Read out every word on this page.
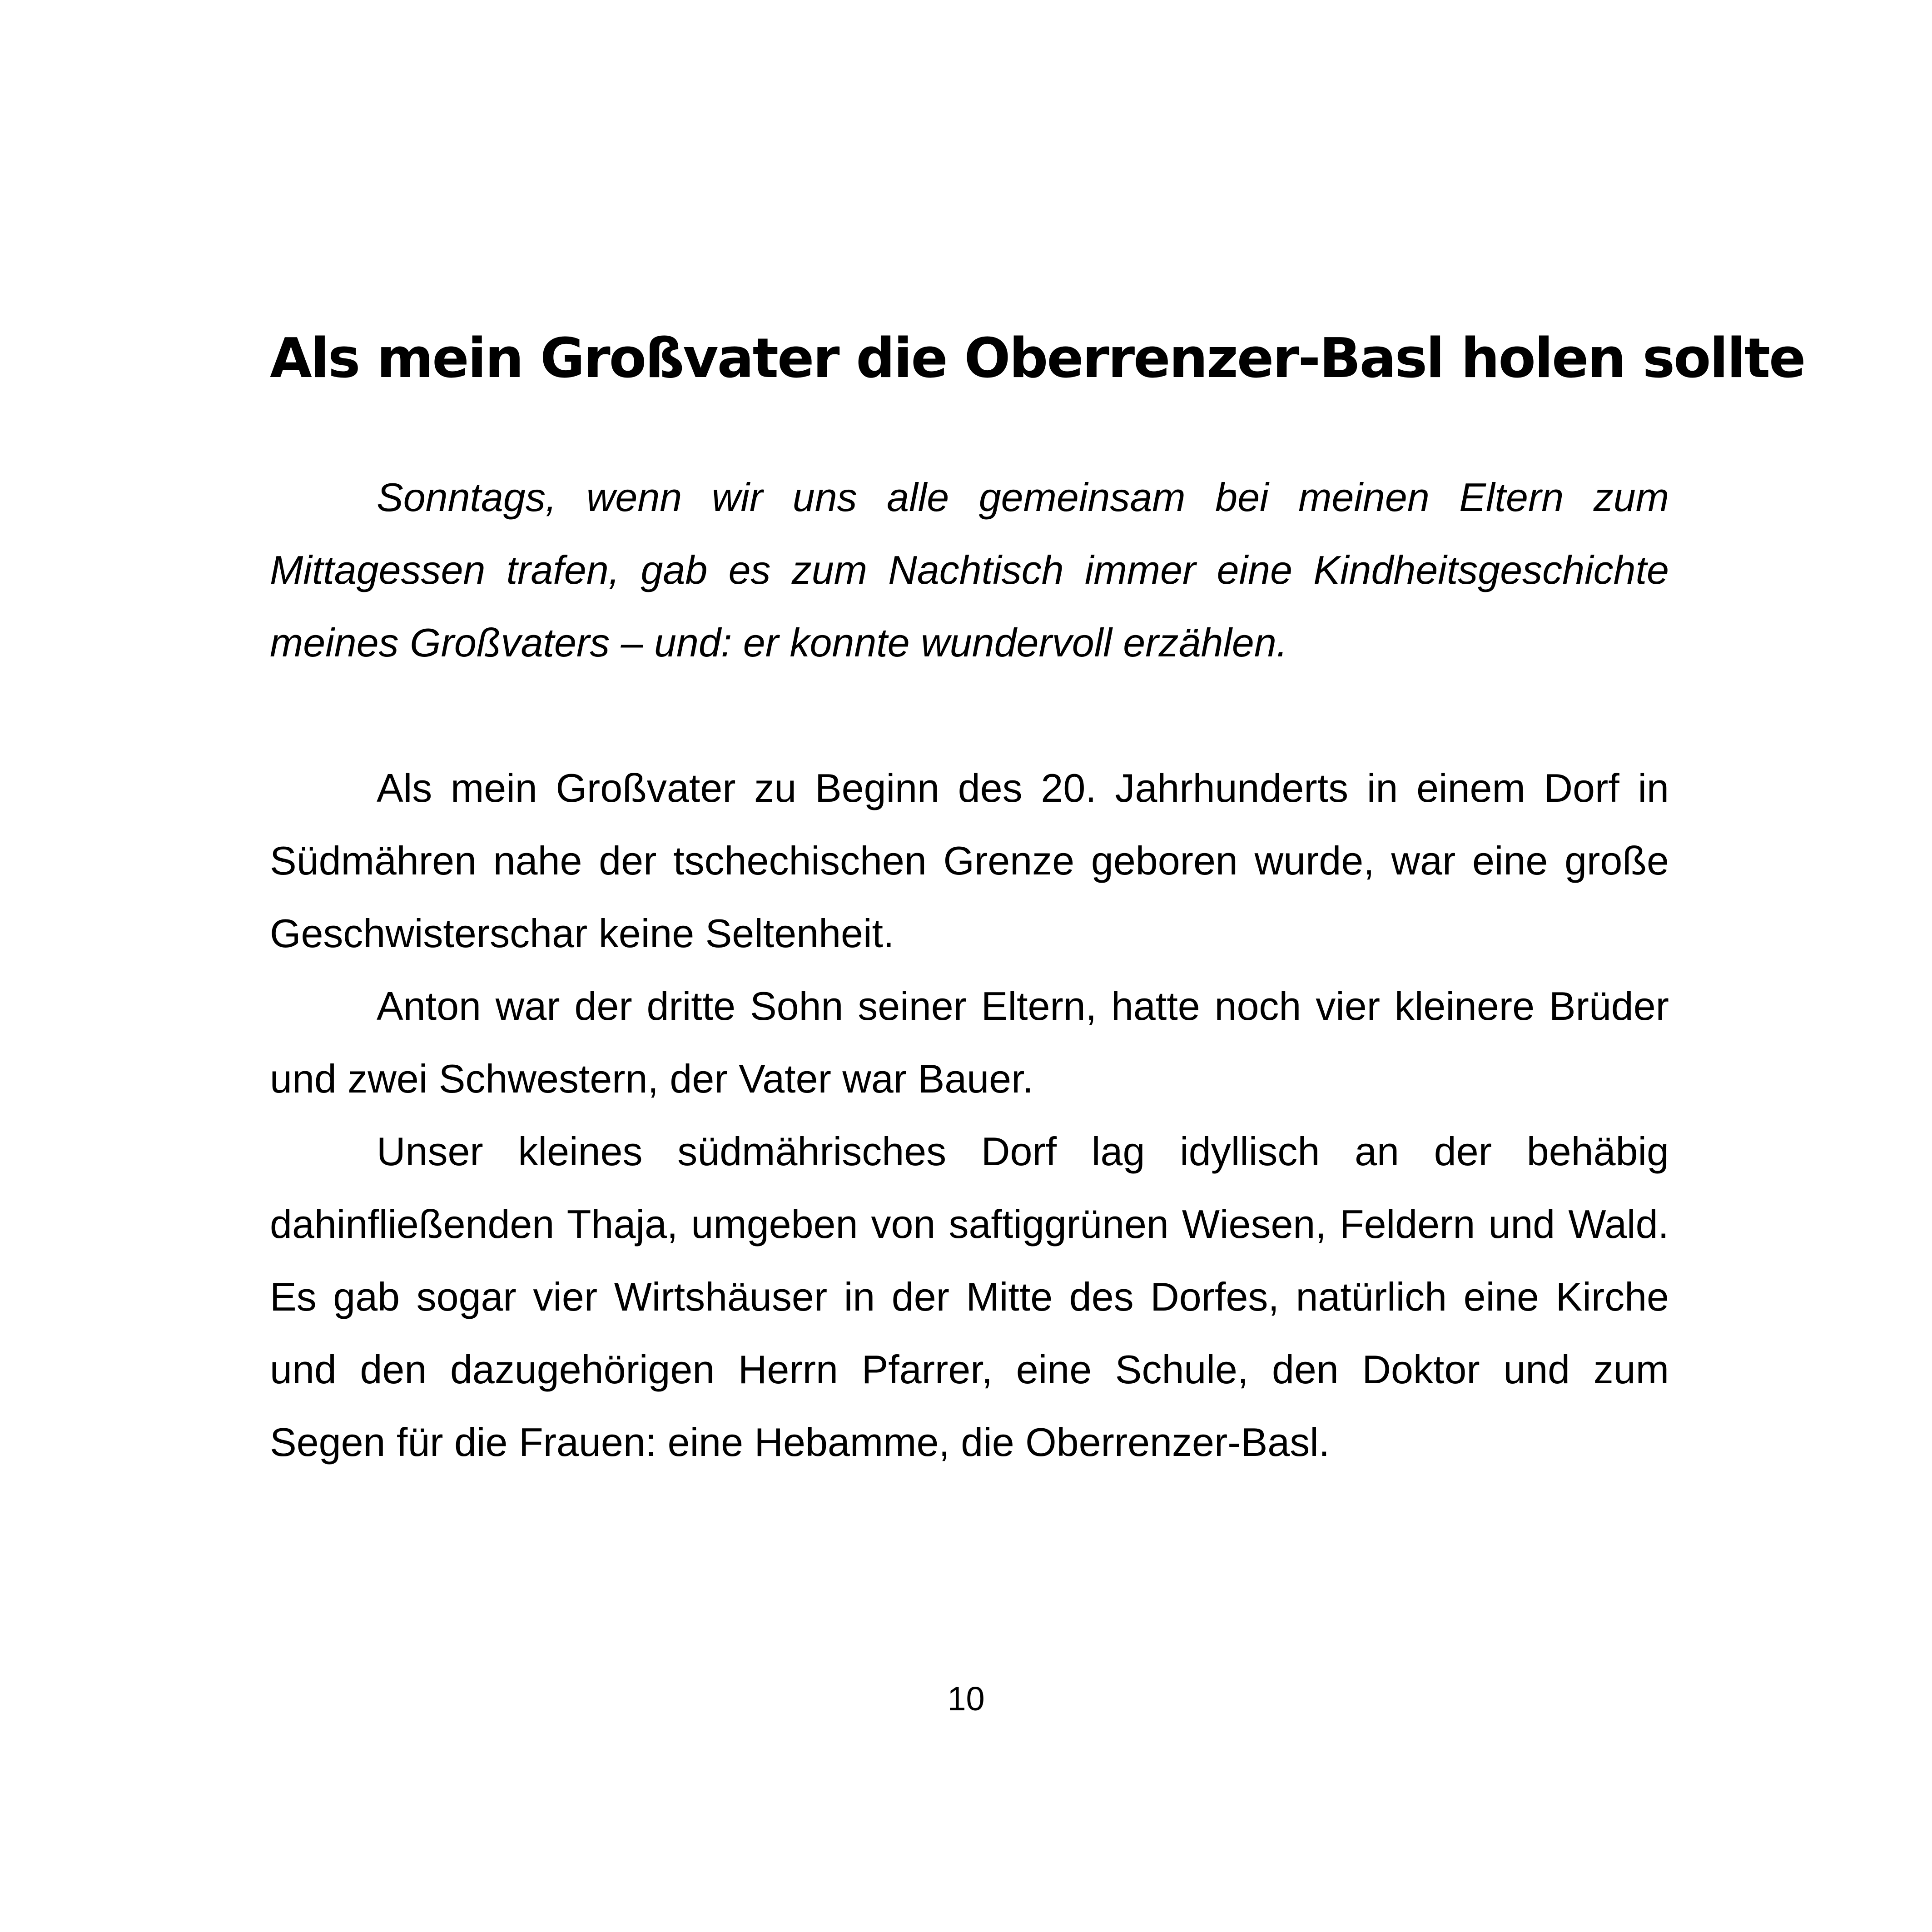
Als mein Großvater die Oberrenzer-Basl holen sollte

Sonntags, wenn wir uns alle gemeinsam bei meinen Eltern zum Mittagessen trafen, gab es zum Nachtisch immer eine Kindheitsgeschichte meines Großvaters – und: er konnte wundervoll erzählen.

Als mein Großvater zu Beginn des 20. Jahrhunderts in einem Dorf in Südmähren nahe der tschechischen Grenze geboren wurde, war eine große Geschwisterschar keine Seltenheit.

Anton war der dritte Sohn seiner Eltern, hatte noch vier kleinere Brüder und zwei Schwestern, der Vater war Bauer.

Unser kleines südmährisches Dorf lag idyllisch an der behäbig dahinfließenden Thaja, umgeben von saftiggrünen Wiesen, Feldern und Wald. Es gab sogar vier Wirtshäuser in der Mitte des Dorfes, natürlich eine Kirche und den dazugehörigen Herrn Pfarrer, eine Schule, den Doktor und zum Segen für die Frauen: eine Hebamme, die Oberrenzer-Basl.

10
